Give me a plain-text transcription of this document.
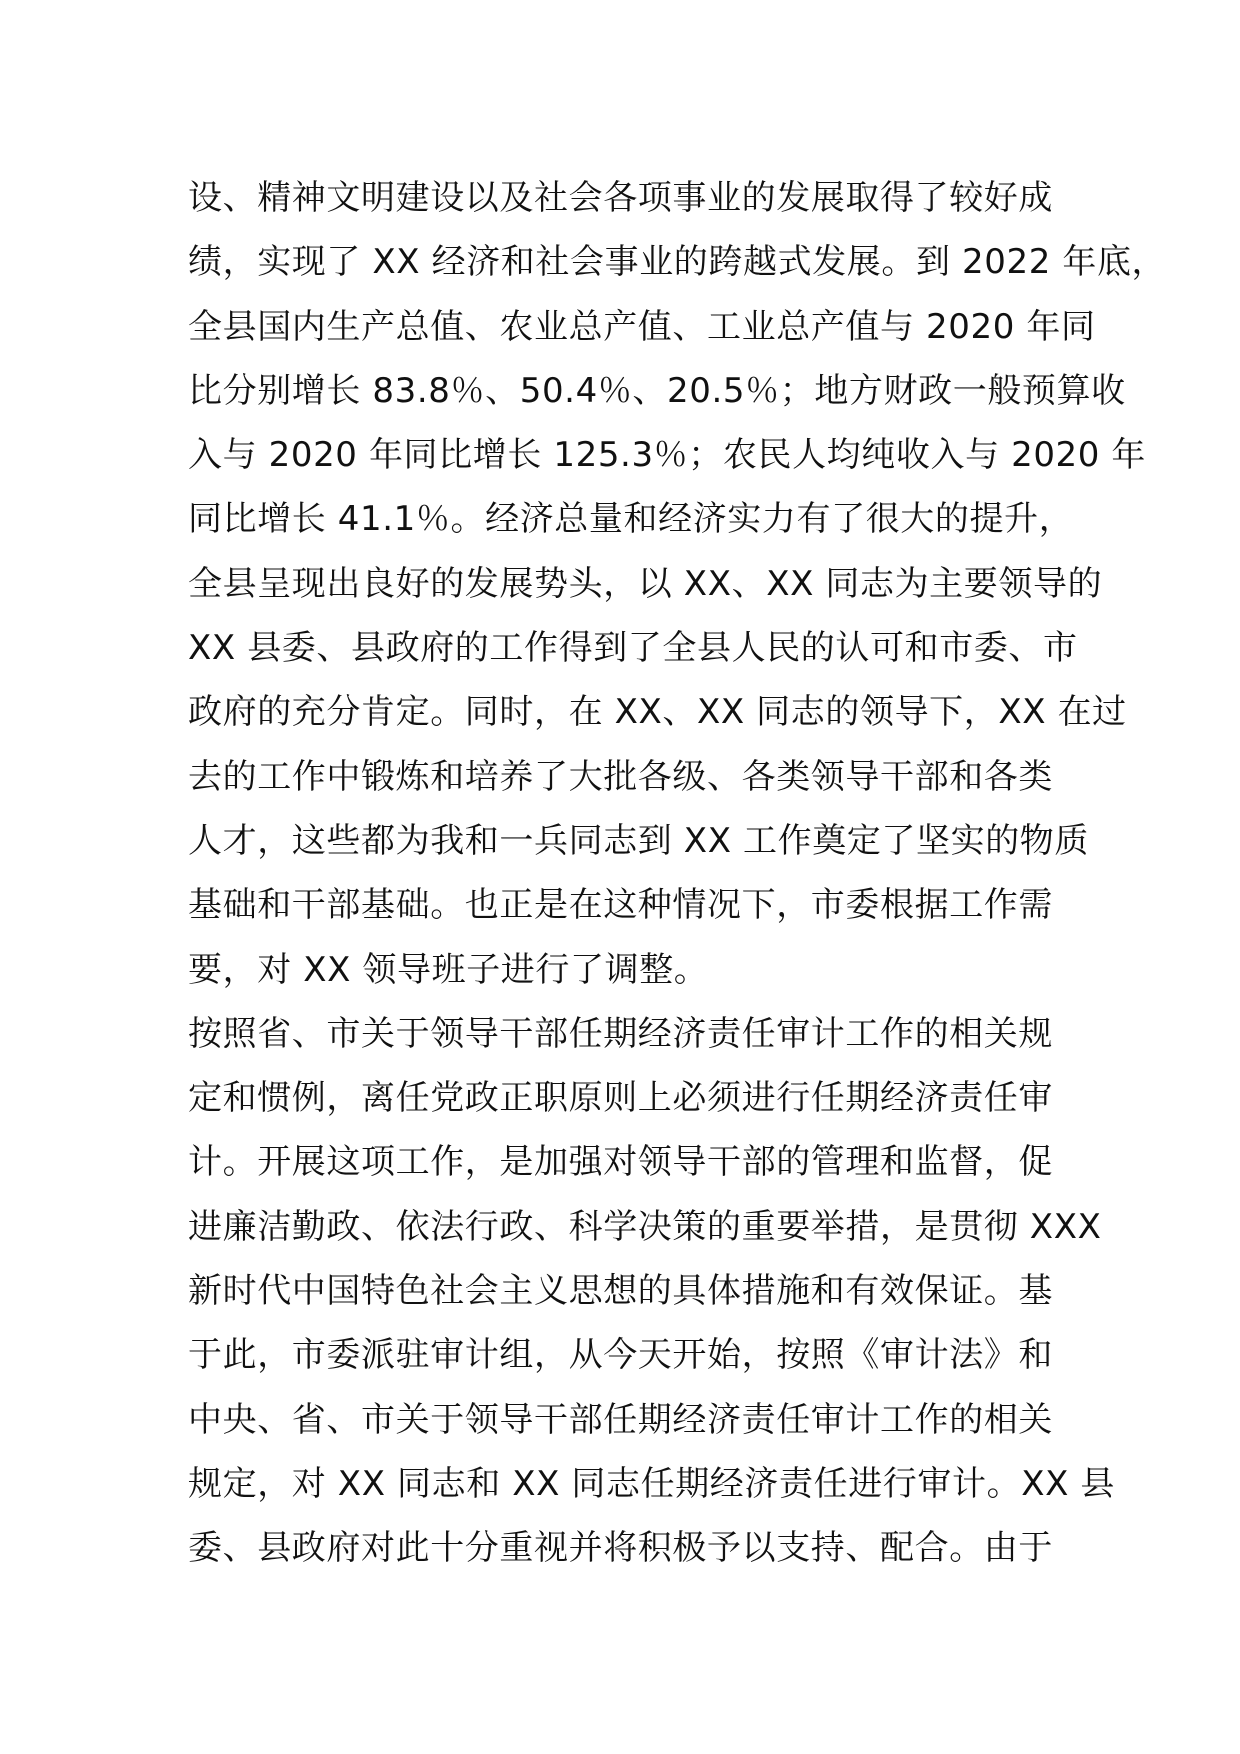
设、精神文明建设以及社会各项事业的发展取得了较好成
绩，实现了 XX 经济和社会事业的跨越式发展。到 2022 年底，
全县国内生产总值、农业总产值、工业总产值与 2020 年同
比分别增长 83.8％、50.4％、20.5％；地方财政一般预算收
入与 2020 年同比增长 125.3％；农民人均纯收入与 2020 年
同比增长 41.1％。经济总量和经济实力有了很大的提升，
全县呈现出良好的发展势头，以 XX、XX 同志为主要领导的
XX 县委、县政府的工作得到了全县人民的认可和市委、市
政府的充分肯定。同时，在 XX、XX 同志的领导下，XX 在过
去的工作中锻炼和培养了大批各级、各类领导干部和各类
人才，这些都为我和一兵同志到 XX 工作奠定了坚实的物质
基础和干部基础。也正是在这种情况下，市委根据工作需
要，对 XX 领导班子进行了调整。
按照省、市关于领导干部任期经济责任审计工作的相关规
定和惯例，离任党政正职原则上必须进行任期经济责任审
计。开展这项工作，是加强对领导干部的管理和监督，促
进廉洁勤政、依法行政、科学决策的重要举措，是贯彻 XXX
新时代中国特色社会主义思想的具体措施和有效保证。基
于此，市委派驻审计组，从今天开始，按照《审计法》和
中央、省、市关于领导干部任期经济责任审计工作的相关
规定，对 XX 同志和 XX 同志任期经济责任进行审计。XX 县
委、县政府对此十分重视并将积极予以支持、配合。由于
